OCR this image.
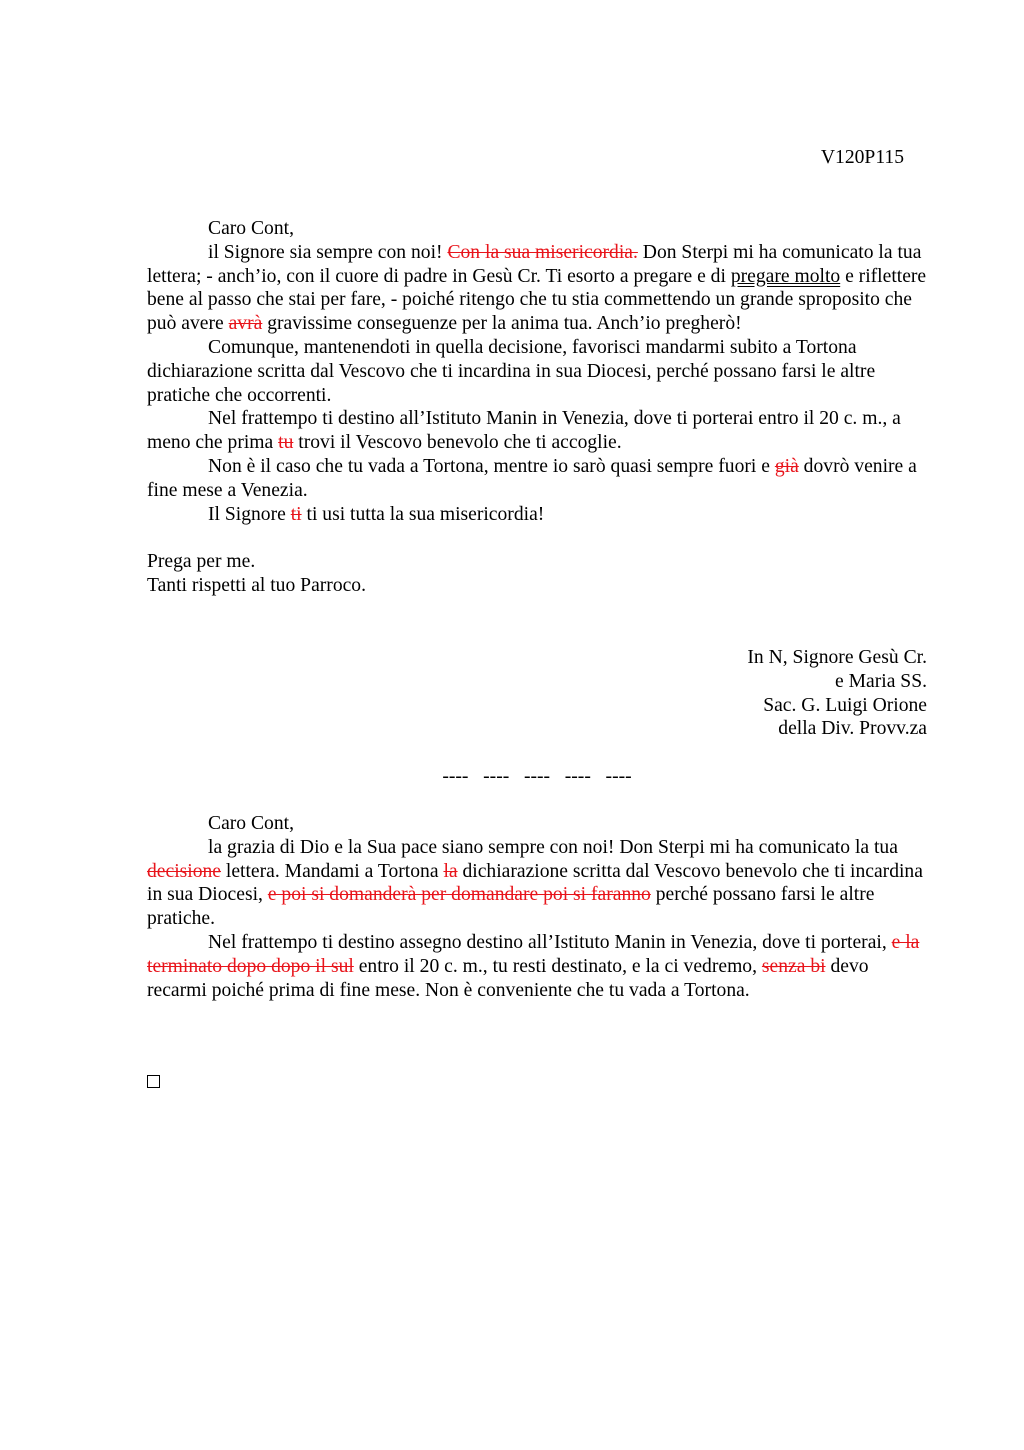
V120P115

Caro Cont,

il Signore sia sempre con noi! Con la sua misericordia. Don Sterpi mi ha comunicato la tua lettera; - anch’io, con il cuore di padre in Gesù Cr. Ti esorto a pregare e di pregare molto e riflettere bene al passo che stai per fare, - poiché ritengo che tu stia commettendo un grande sproposito che può avere avrà gravissime conseguenze per la anima tua. Anch’io pregherò!

Comunque, mantenendoti in quella decisione, favorisci mandarmi subito a Tortona dichiarazione scritta dal Vescovo che ti incardina in sua Diocesi, perché possano farsi le altre pratiche che occorrenti.

Nel frattempo ti destino all’Istituto Manin in Venezia, dove ti porterai entro il 20 c. m., a meno che prima tu trovi il Vescovo benevolo che ti accoglie.

Non è il caso che tu vada a Tortona, mentre io sarò quasi sempre fuori e già dovrò venire a fine mese a Venezia.

Il Signore ti ti usi tutta la sua misericordia!

Prega per me.

Tanti rispetti al tuo Parroco.

In N, Signore Gesù Cr.
e Maria SS.
Sac. G. Luigi Orione
della Div. Provv.za
----   ----   ----   ----   ----

Caro Cont,

la grazia di Dio e la Sua pace siano sempre con noi! Don Sterpi mi ha comunicato la tua decisione lettera. Mandami a Tortona la dichiarazione scritta dal Vescovo benevolo che ti incardina in sua Diocesi, e poi si domanderà per domandare poi si faranno perché possano farsi le altre pratiche.

Nel frattempo ti destino assegno destino all’Istituto Manin in Venezia, dove ti porterai, e la terminato dopo dopo il sul entro il 20 c. m., tu resti destinato, e la ci vedremo, senza bi devo recarmi poiché prima di fine mese. Non è conveniente che tu vada a Tortona.
